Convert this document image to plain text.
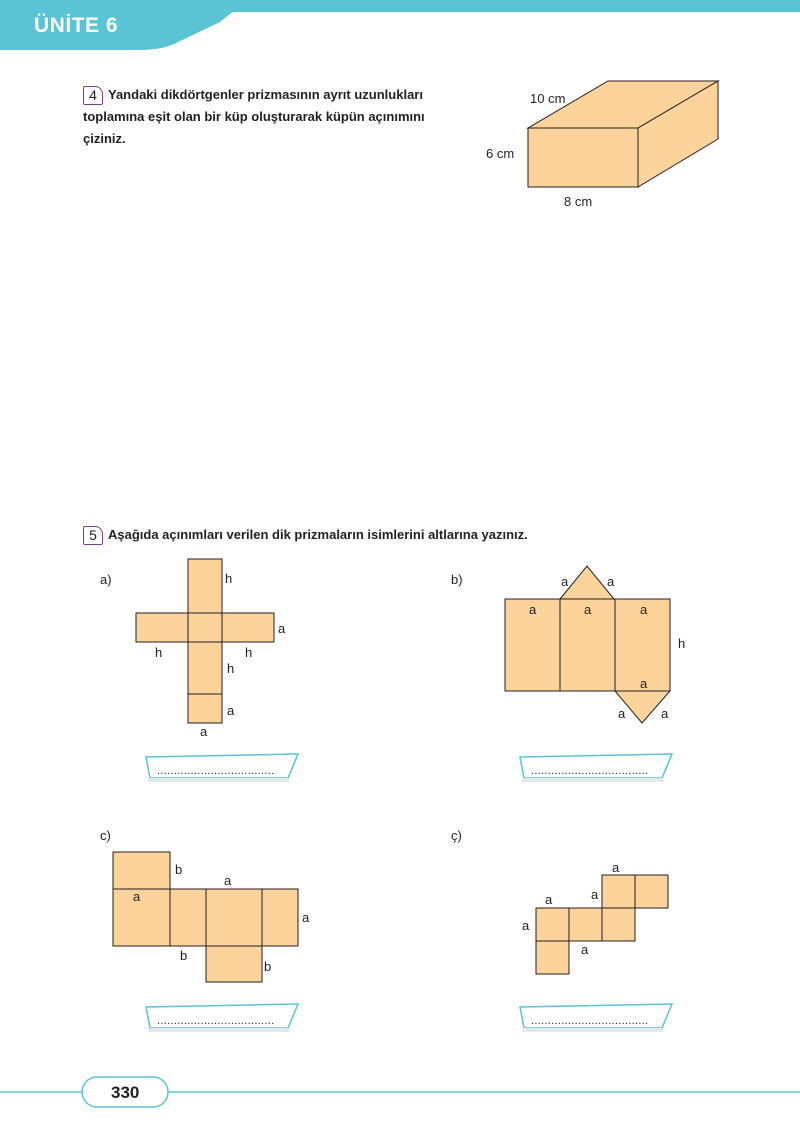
ÜNİTE 6
4 Yandaki dikdörtgenler prizmasının ayrıt uzunlukları
toplamına eşit olan bir küp oluşturarak küpün açınımını
çiziniz.
10 cm
6 cm
8 cm
5 Aşağıda açınımları verilen dik prizmaların isimlerini altlarına yazınız.
a)	h
a
h	h
h
a
a
...................................
b)	a	a
a	a	a
h
a
a	a
...................................
c)
b
a
a
a
b
b
...................................
ç)
a
a
a
a
a
...................................
330
